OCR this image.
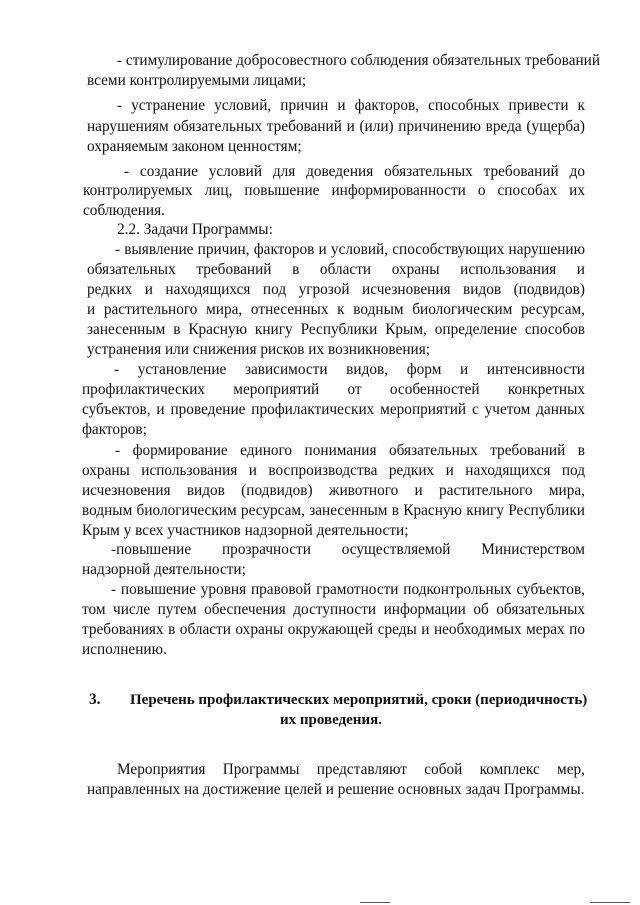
- стимулирование добросовестного соблюдения обязательных требований
всеми контролируемыми лицами;
- устранение условий, причин и факторов, способных привести к
нарушениям обязательных требований и (или) причинению вреда (ущерба)
охраняемым законом ценностям;
- создание условий для доведения обязательных требований до
контролируемых лиц, повышение информированности о способах их
соблюдения.
2.2. Задачи Программы:
- выявление причин, факторов и условий, способствующих нарушению
обязательных требований в области охраны использования и
редких и находящихся под угрозой исчезновения видов (подвидов)
и растительного мира, отнесенных к водным биологическим ресурсам,
занесенным в Красную книгу Республики Крым, определение способов
устранения или снижения рисков их возникновения;
- установление зависимости видов, форм и интенсивности
профилактических мероприятий от особенностей конкретных
субъектов, и проведение профилактических мероприятий с учетом данных
факторов;
- формирование единого понимания обязательных требований в
охраны использования и воспроизводства редких и находящихся под
исчезновения видов (подвидов) животного и растительного мира,
водным биологическим ресурсам, занесенным в Красную книгу Республики
Крым у всех участников надзорной деятельности;
-повышение прозрачности осуществляемой Министерством
надзорной деятельности;
- повышение уровня правовой грамотности подконтрольных субъектов,
том числе путем обеспечения доступности информации об обязательных
требованиях в области охраны окружающей среды и необходимых мерах по
исполнению.
3. Перечень профилактических мероприятий, сроки (периодичность)
их проведения.
Мероприятия Программы представляют собой комплекс мер,
направленных на достижение целей и решение основных задач Программы.
